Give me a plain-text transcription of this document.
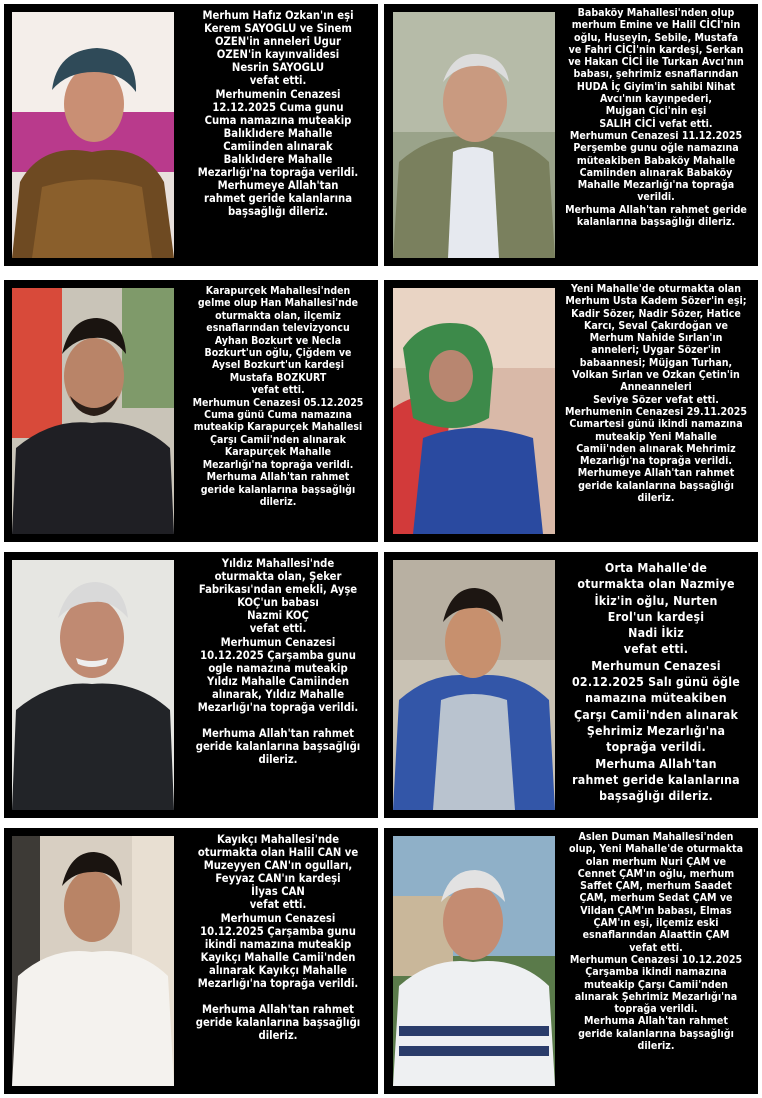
Merhum Hafız Ozkan'ın eşi
Kerem SAYOGLU ve Sinem
OZEN'in anneleri Ugur
OZEN'in kayınvalidesi
Nesrin SAYOGLU
vefat etti.
Merhumenin Cenazesi
12.12.2025 Cuma gunu
Cuma namazına muteakip
Balıklıdere Mahalle
Camiinden alınarak
Balıklıdere Mahalle
Mezarlığı'na toprağa verildi.
Merhumeye Allah'tan
rahmet geride kalanlarına
başsağlığı dileriz.
Babaköy Mahallesi'nden olup
merhum Emine ve Halil CİCİ'nin
oğlu, Huseyin, Sebile, Mustafa
ve Fahri CİCİ'nin kardeşi, Serkan
ve Hakan CİCİ ile Turkan Avcı'nın
babası, şehrimiz esnaflarından
HUDA İç Giyim'in sahibi Nihat
Avcı'nın kayınpederi,
Mujgan Cici'nin eşi
SALIH CİCİ vefat etti.
Merhumun Cenazesi 11.12.2025
Perşembe gunu oğle namazına
müteakiben Babaköy Mahalle
Camiinden alınarak Babaköy
Mahalle Mezarlığı'na toprağa
verildi.
Merhuma Allah'tan rahmet geride
kalanlarına başsağlığı dileriz.
Karapurçek Mahallesi'nden
gelme olup Han Mahallesi'nde
oturmakta olan, ilçemiz
esnaflarından televizyoncu
Ayhan Bozkurt ve Necla
Bozkurt'un oğlu, Çiğdem ve
Aysel Bozkurt'un kardeşi
Mustafa BOZKURT
vefat etti.
Merhumun Cenazesi 05.12.2025
Cuma günü Cuma namazına
muteakip Karapurçek Mahallesi
Çarşı Camii'nden alınarak
Karapurçek Mahalle
Mezarlığı'na toprağa verildi.
Merhuma Allah'tan rahmet
geride kalanlarına başsağlığı
dileriz.
Yeni Mahalle'de oturmakta olan
Merhum Usta Kadem Sözer'in eşi;
Kadir Sözer, Nadir Sözer, Hatice
Karcı, Seval Çakırdoğan ve
Merhum Nahide Sırlan'ın
anneleri; Uygar Sözer'in
babaannesi; Müjgan Turhan,
Volkan Sırlan ve Ozkan Çetin'in
Anneanneleri
Seviye Sözer vefat etti.
Merhumenin Cenazesi 29.11.2025
Cumartesi günü ikindi namazına
muteakip Yeni Mahalle
Camii'nden alınarak Mehrimiz
Mezarlığı'na toprağa verildi.
Merhumeye Allah'tan rahmet
geride kalanlarına başsağlığı
dileriz.
Yıldız Mahallesi'nde
oturmakta olan, Şeker
Fabrikası'ndan emekli, Ayşe
KOÇ'un babası
Nazmi KOÇ
vefat etti.
Merhumun Cenazesi
10.12.2025 Çarşamba gunu
ogle namazına muteakip
Yıldız Mahalle Camiinden
alınarak, Yıldız Mahalle
Mezarlığı'na toprağa verildi.

Merhuma Allah'tan rahmet
geride kalanlarına başsağlığı
dileriz.
Orta Mahalle'de
oturmakta olan Nazmiye
İkiz'in oğlu, Nurten
Erol'un kardeşi
Nadi İkiz
vefat etti.
Merhumun Cenazesi
02.12.2025 Salı günü öğle
namazına müteakiben
Çarşı Camii'nden alınarak
Şehrimiz Mezarlığı'na
toprağa verildi.
Merhuma Allah'tan
rahmet geride kalanlarına
başsağlığı dileriz.
Kayıkçı Mahallesi'nde
oturmakta olan Halil CAN ve
Muzeyyen CAN'ın ogulları,
Feyyaz CAN'ın kardeşi
İlyas CAN
vefat etti.
Merhumun Cenazesi
10.12.2025 Çarşamba gunu
ikindi namazına muteakip
Kayıkçı Mahalle Camii'nden
alınarak Kayıkçı Mahalle
Mezarlığı'na toprağa verildi.

Merhuma Allah'tan rahmet
geride kalanlarına başsağlığı
dileriz.
Aslen Duman Mahallesi'nden
olup, Yeni Mahalle'de oturmakta
olan merhum Nuri ÇAM ve
Cennet ÇAM'ın oğlu, merhum
Saffet ÇAM, merhum Saadet
ÇAM, merhum Sedat ÇAM ve
Vildan ÇAM'ın babası, Elmas
ÇAM'ın eşi, ilçemiz eski
esnaflarından Alaattin ÇAM
vefat etti.
Merhumun Cenazesi 10.12.2025
Çarşamba ikindi namazına
muteakip Çarşı Camii'nden
alınarak Şehrimiz Mezarlığı'na
toprağa verildi.
Merhuma Allah'tan rahmet
geride kalanlarına başsağlığı
dileriz.
